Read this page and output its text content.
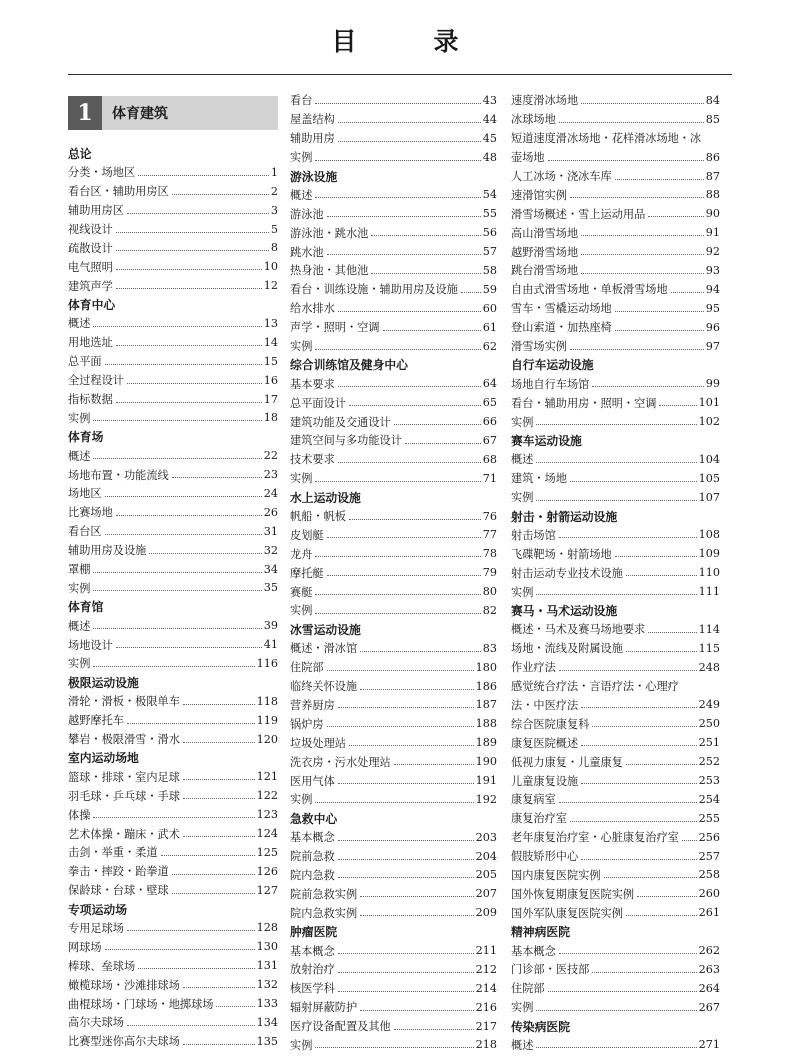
目　录
1	体育建筑
总论
分类・场地区	1
看台区・辅助用房区	2
辅助用房区	3
视线设计	5
疏散设计	8
电气照明	10
建筑声学	12
体育中心
概述	13
用地选址	14
总平面	15
全过程设计	16
指标数据	17
实例	18
体育场
概述	22
场地布置・功能流线	23
场地区	24
比赛场地	26
看台区	31
辅助用房及设施	32
罩棚	34
实例	35
体育馆
概述	39
场地设计	41
实例	116
极限运动设施
滑轮・滑板・极限单车	118
越野摩托车	119
攀岩・极限滑雪・滑水	120
室内运动场地
篮球・排球・室内足球	121
羽毛球・乒乓球・手球	122
体操	123
艺术体操・蹦床・武术	124
击剑・举重・柔道	125
拳击・摔跤・跆拳道	126
保龄球・台球・壁球	127
专项运动场
专用足球场	128
网球场	130
棒球、垒球场	131
橄榄球场・沙滩排球场	132
曲棍球场・门球场・地掷球场	133
高尔夫球场	134
比赛型迷你高尔夫球场	135
看台	43
屋盖结构	44
辅助用房	45
实例	48
游泳设施
概述	54
游泳池	55
游泳池・跳水池	56
跳水池	57
热身池・其他池	58
看台・训练设施・辅助用房及设施 59
给水排水	60
声学・照明・空调	61
实例	62
综合训练馆及健身中心
基本要求	64
总平面设计	65
建筑功能及交通设计	66
建筑空间与多功能设计	67
技术要求	68
实例	71
水上运动设施
帆船・帆板	76
皮划艇	77
龙舟	78
摩托艇	79
赛艇	80
实例	82
冰雪运动设施
概述・滑冰馆	83
住院部	180
临终关怀设施	186
营养厨房	187
锅炉房	188
垃圾处理站	189
洗衣房・污水处理站	190
医用气体	191
实例	192
急救中心
基本概念	203
院前急救	204
院内急救	205
院前急救实例	207
院内急救实例	209
肿瘤医院
基本概念	211
放射治疗	212
核医学科	214
辐射屏蔽防护	216
医疗设备配置及其他	217
实例	218
速度滑冰场地	84
冰球场地	85
短道速度滑冰场地・花样滑冰场地・冰
壶场地	86
人工冰场・浇冰车库	87
速滑馆实例	88
滑雪场概述・雪上运动用品	90
高山滑雪场地	91
越野滑雪场地	92
跳台滑雪场地	93
自由式滑雪场地・单板滑雪场地	94
雪车・雪橇运动场地	95
登山索道・加热座椅	96
滑雪场实例	97
自行车运动设施
场地自行车场馆	99
看台・辅助用房・照明・空调	101
实例	102
赛车运动设施
概述	104
建筑・场地	105
实例	107
射击・射箭运动设施
射击场馆	108
飞碟靶场・射箭场地	109
射击运动专业技术设施	110
实例	111
赛马・马术运动设施
概述・马术及赛马场地要求	114
场地・流线及附属设施	115
作业疗法	248
感觉统合疗法・言语疗法・心理疗
法・中医疗法	249
综合医院康复科	250
康复医院概述	251
低视力康复・儿童康复	252
儿童康复设施	253
康复病室	254
康复治疗室	255
老年康复治疗室・心脏康复治疗室 256
假肢矫形中心	257
国内康复医院实例	258
国外恢复期康复医院实例	260
国外军队康复医院实例	261
精神病医院
基本概念	262
门诊部・医技部	263
住院部	264
实例	267
传染病医院
概述	271
